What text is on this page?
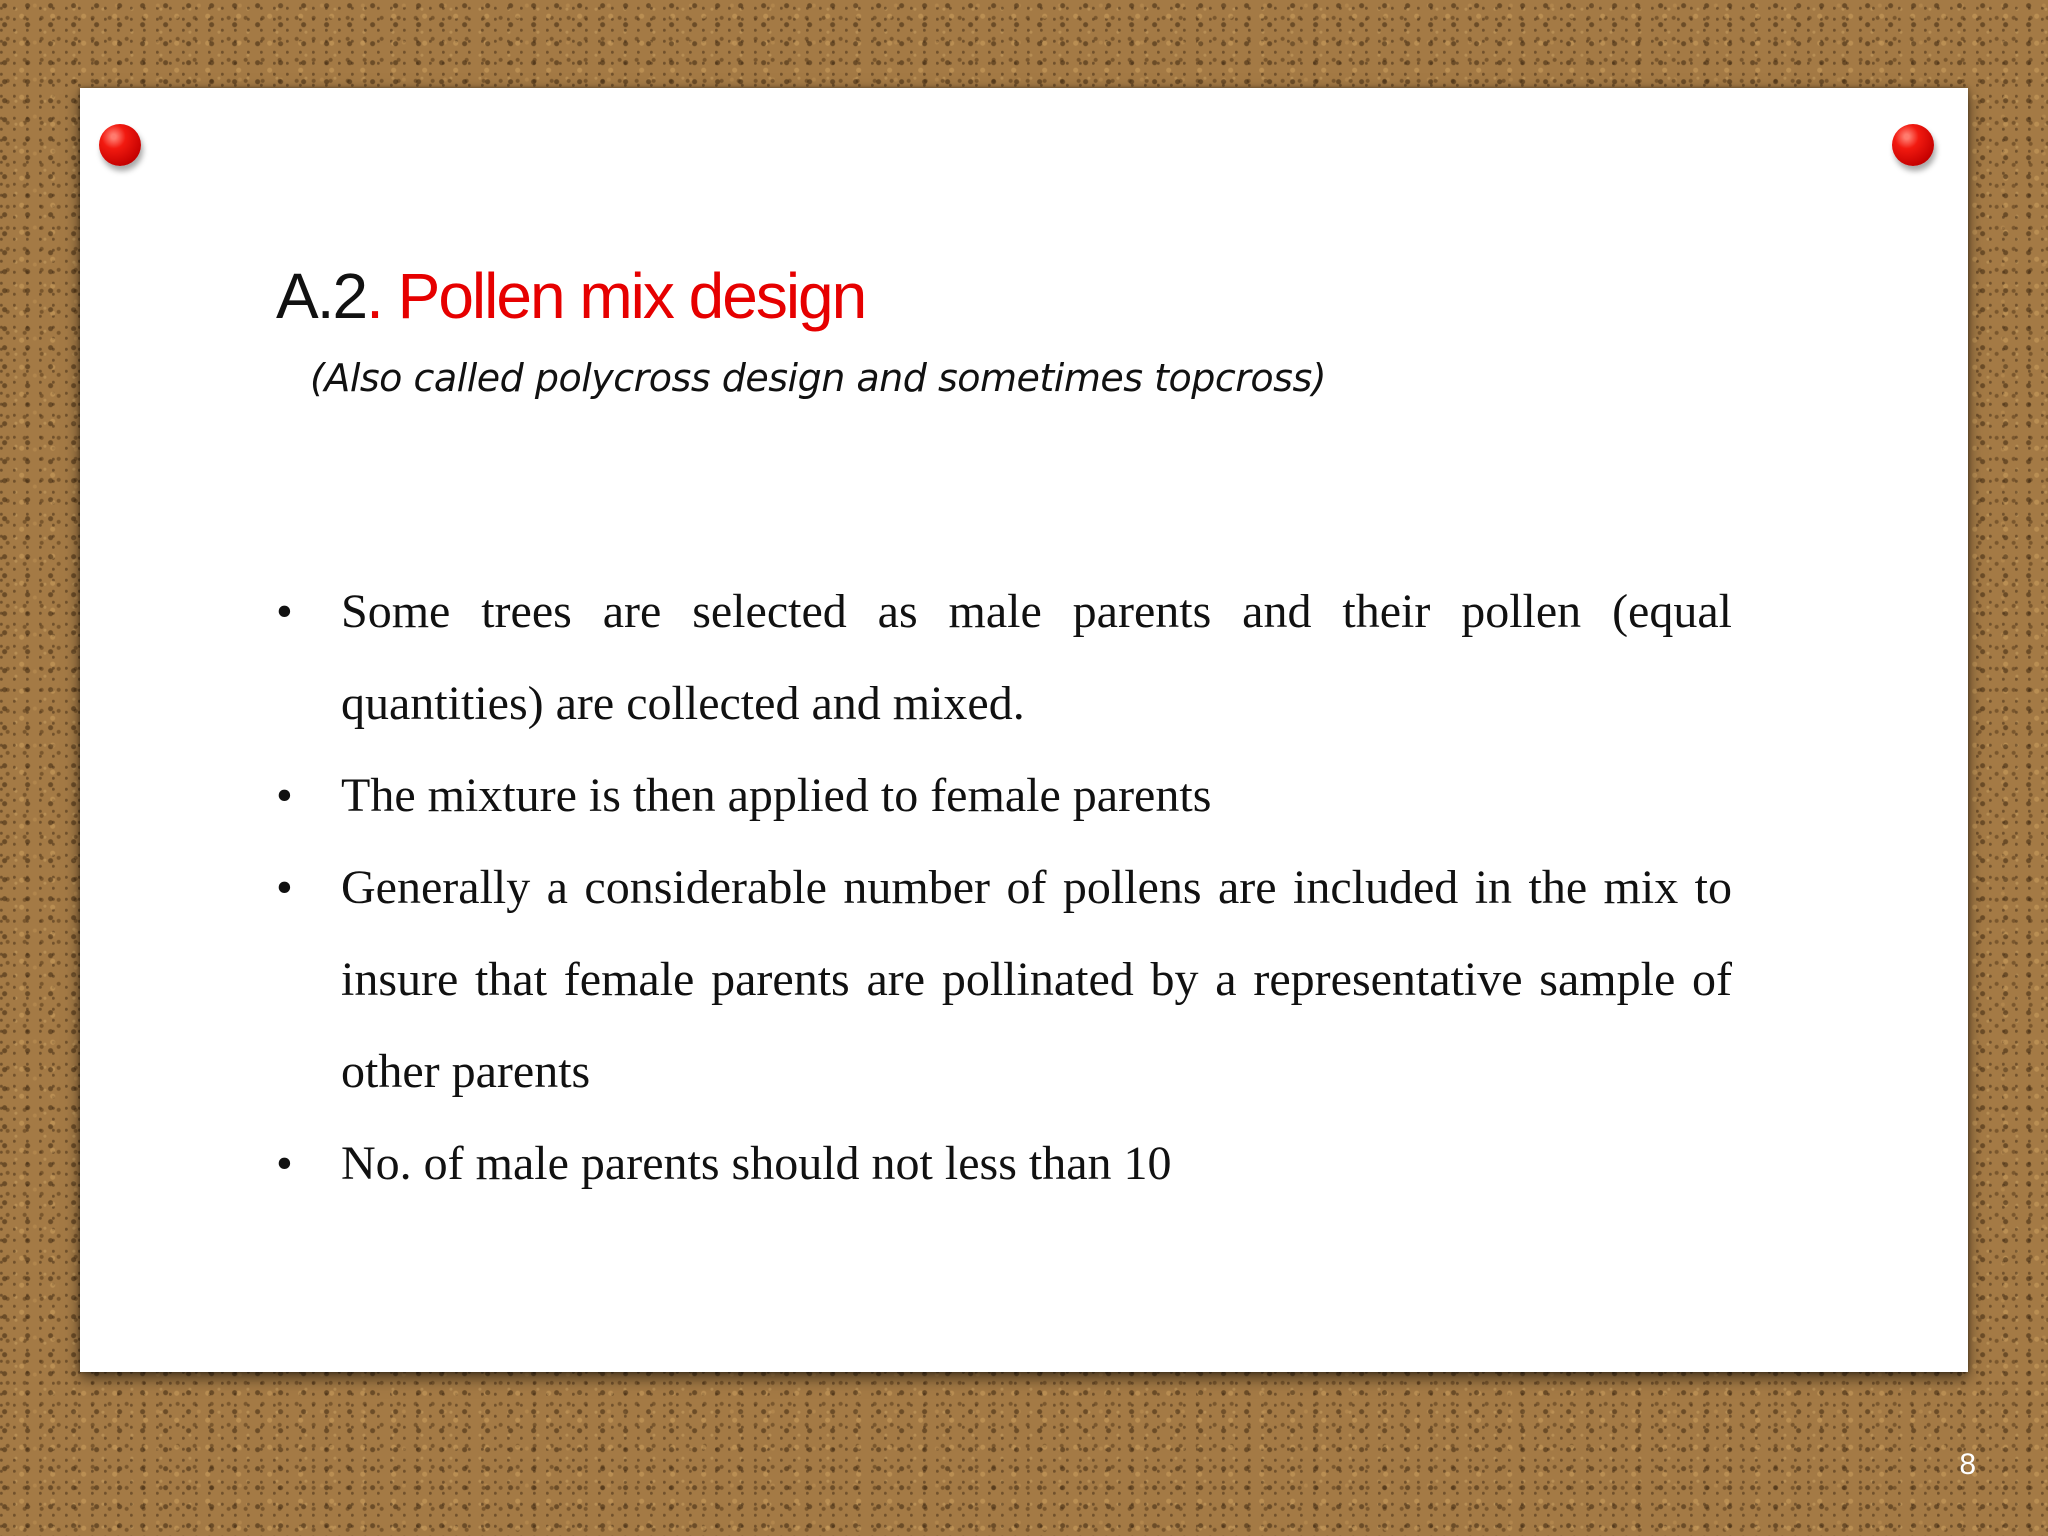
A.2. Pollen mix design

(Also called polycross design and sometimes topcross)

• Some trees are selected as male parents and their pollen (equal quantities) are collected and mixed.
• The mixture is then applied to female parents
• Generally a considerable number of pollens are included in the mix to insure that female parents are pollinated by a representative sample of other parents
• No. of male parents should not less than 10
8
